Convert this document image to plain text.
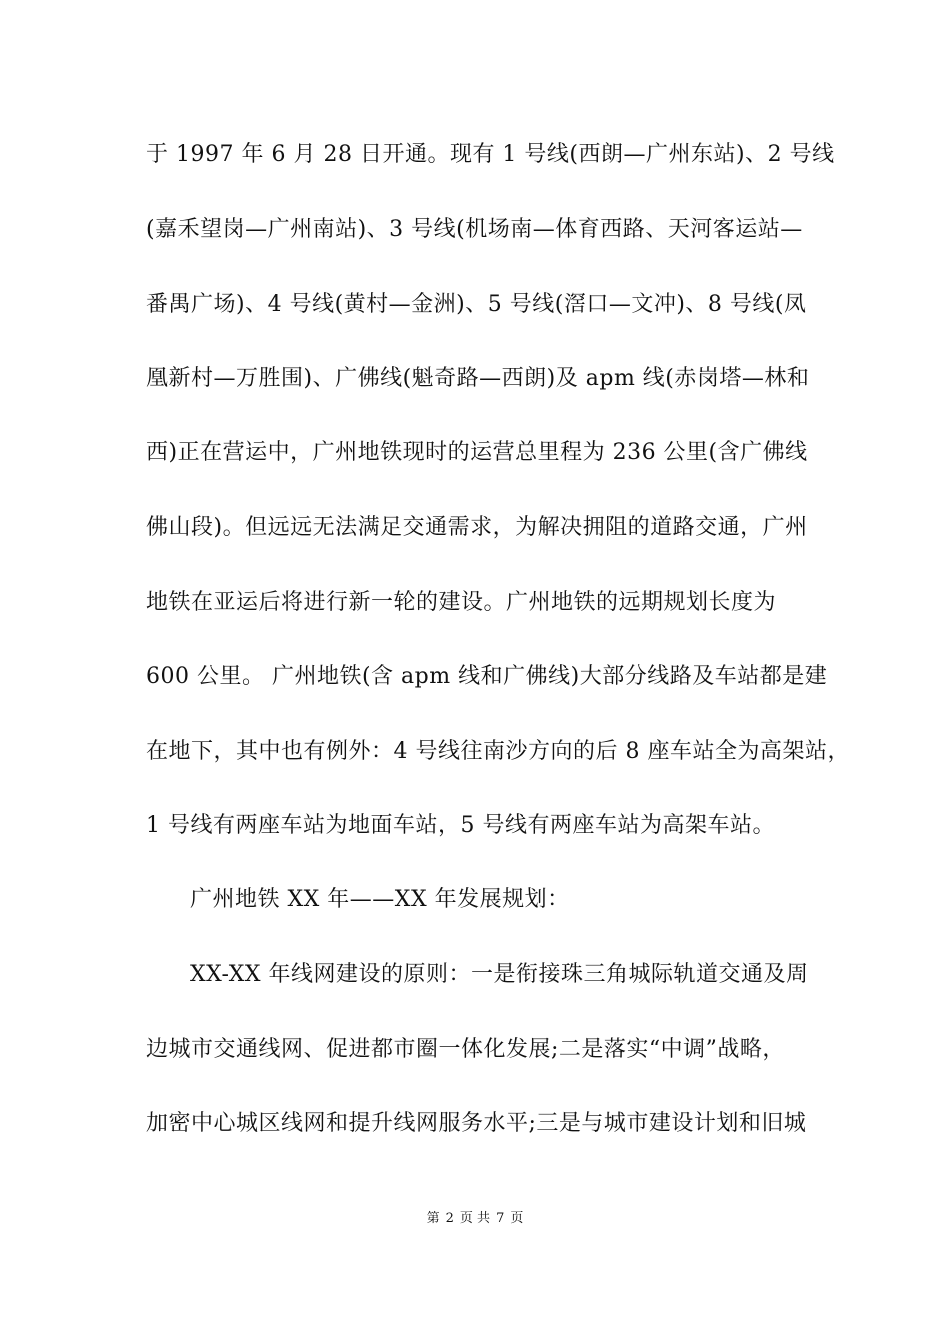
于 1997 年 6 月 28 日开通。现有 1 号线(西朗—广州东站)、2 号线
(嘉禾望岗—广州南站)、3 号线(机场南—体育西路、天河客运站—
番禺广场)、4 号线(黄村—金洲)、5 号线(滘口—文冲)、8 号线(凤
凰新村—万胜围)、广佛线(魁奇路—西朗)及 apm 线(赤岗塔—林和
西)正在营运中，广州地铁现时的运营总里程为 236 公里(含广佛线
佛山段)。但远远无法满足交通需求，为解决拥阻的道路交通，广州
地铁在亚运后将进行新一轮的建设。广州地铁的远期规划长度为
600 公里。 广州地铁(含 apm 线和广佛线)大部分线路及车站都是建
在地下，其中也有例外：4 号线往南沙方向的后 8 座车站全为高架站，
1 号线有两座车站为地面车站，5 号线有两座车站为高架车站。
广州地铁 XX 年——XX 年发展规划：
XX-XX 年线网建设的原则：一是衔接珠三角城际轨道交通及周
边城市交通线网、促进都市圈一体化发展;二是落实“中调”战略，
加密中心城区线网和提升线网服务水平;三是与城市建设计划和旧城
第 2 页 共 7 页
